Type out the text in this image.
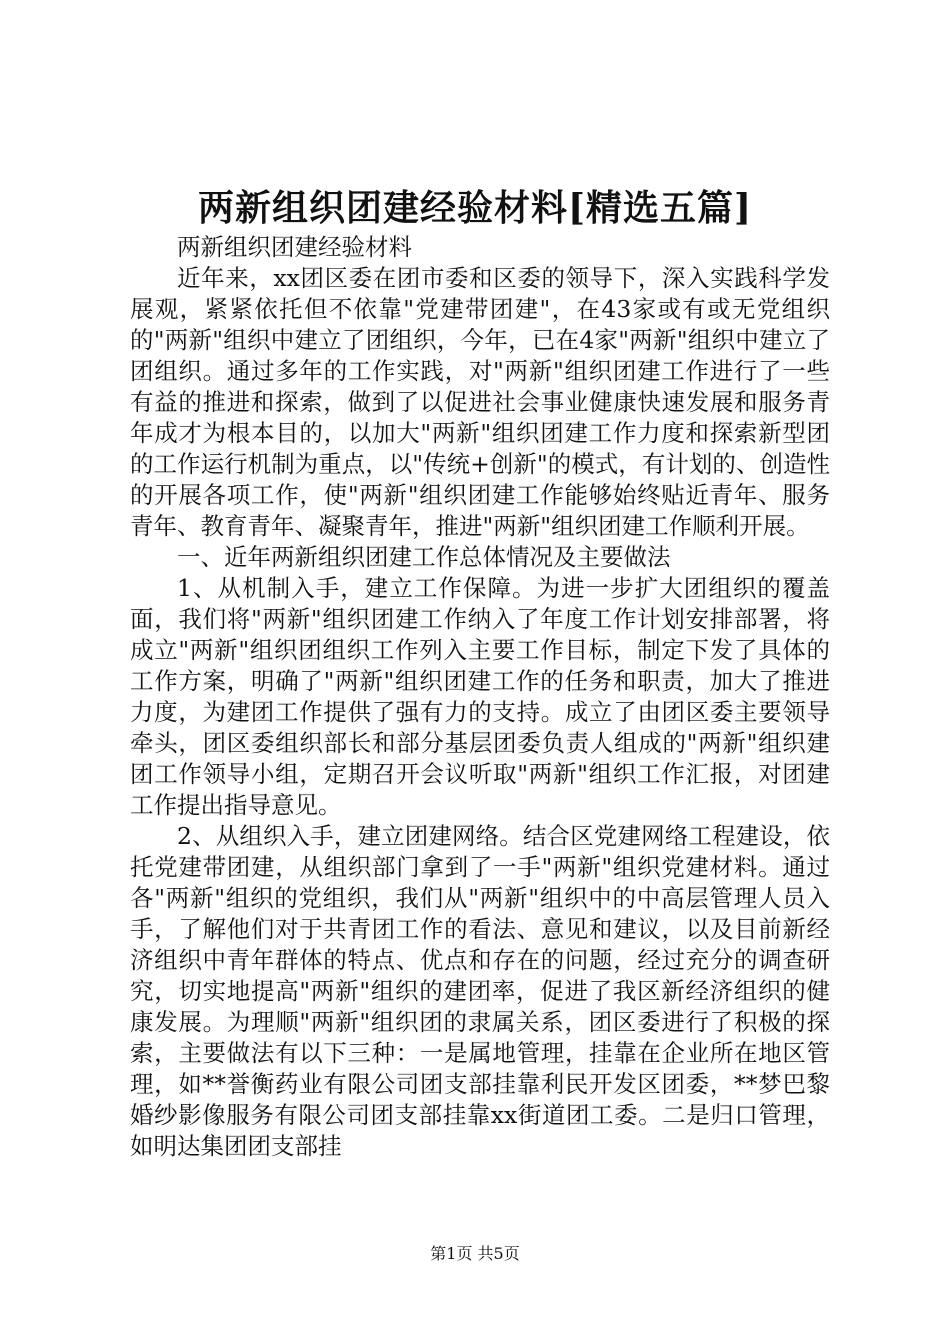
两新组织团建经验材料[精选五篇]

两新组织团建经验材料

近年来，xx团区委在团市委和区委的领导下，深入实践科学发展观，紧紧依托但不依靠"党建带团建"，在43家或有或无党组织的"两新"组织中建立了团组织，今年，已在4家"两新"组织中建立了团组织。通过多年的工作实践，对"两新"组织团建工作进行了一些有益的推进和探索，做到了以促进社会事业健康快速发展和服务青年成才为根本目的，以加大"两新"组织团建工作力度和探索新型团的工作运行机制为重点，以"传统+创新"的模式，有计划的、创造性的开展各项工作，使"两新"组织团建工作能够始终贴近青年、服务青年、教育青年、凝聚青年，推进"两新"组织团建工作顺利开展。

一、近年两新组织团建工作总体情况及主要做法

1、从机制入手，建立工作保障。为进一步扩大团组织的覆盖面，我们将"两新"组织团建工作纳入了年度工作计划安排部署，将成立"两新"组织团组织工作列入主要工作目标，制定下发了具体的工作方案，明确了"两新"组织团建工作的任务和职责，加大了推进力度，为建团工作提供了强有力的支持。成立了由团区委主要领导牵头，团区委组织部长和部分基层团委负责人组成的"两新"组织建团工作领导小组，定期召开会议听取"两新"组织工作汇报，对团建工作提出指导意见。

2、从组织入手，建立团建网络。结合区党建网络工程建设，依托党建带团建，从组织部门拿到了一手"两新"组织党建材料。通过各"两新"组织的党组织，我们从"两新"组织中的中高层管理人员入手，了解他们对于共青团工作的看法、意见和建议，以及目前新经济组织中青年群体的特点、优点和存在的问题，经过充分的调查研究，切实地提高"两新"组织的建团率，促进了我区新经济组织的健康发展。为理顺"两新"组织团的隶属关系，团区委进行了积极的探索，主要做法有以下三种：一是属地管理，挂靠在企业所在地区管理，如**誉衡药业有限公司团支部挂靠利民开发区团委，**梦巴黎婚纱影像服务有限公司团支部挂靠xx街道团工委。二是归口管理，如明达集团团支部挂

第1页 共5页
